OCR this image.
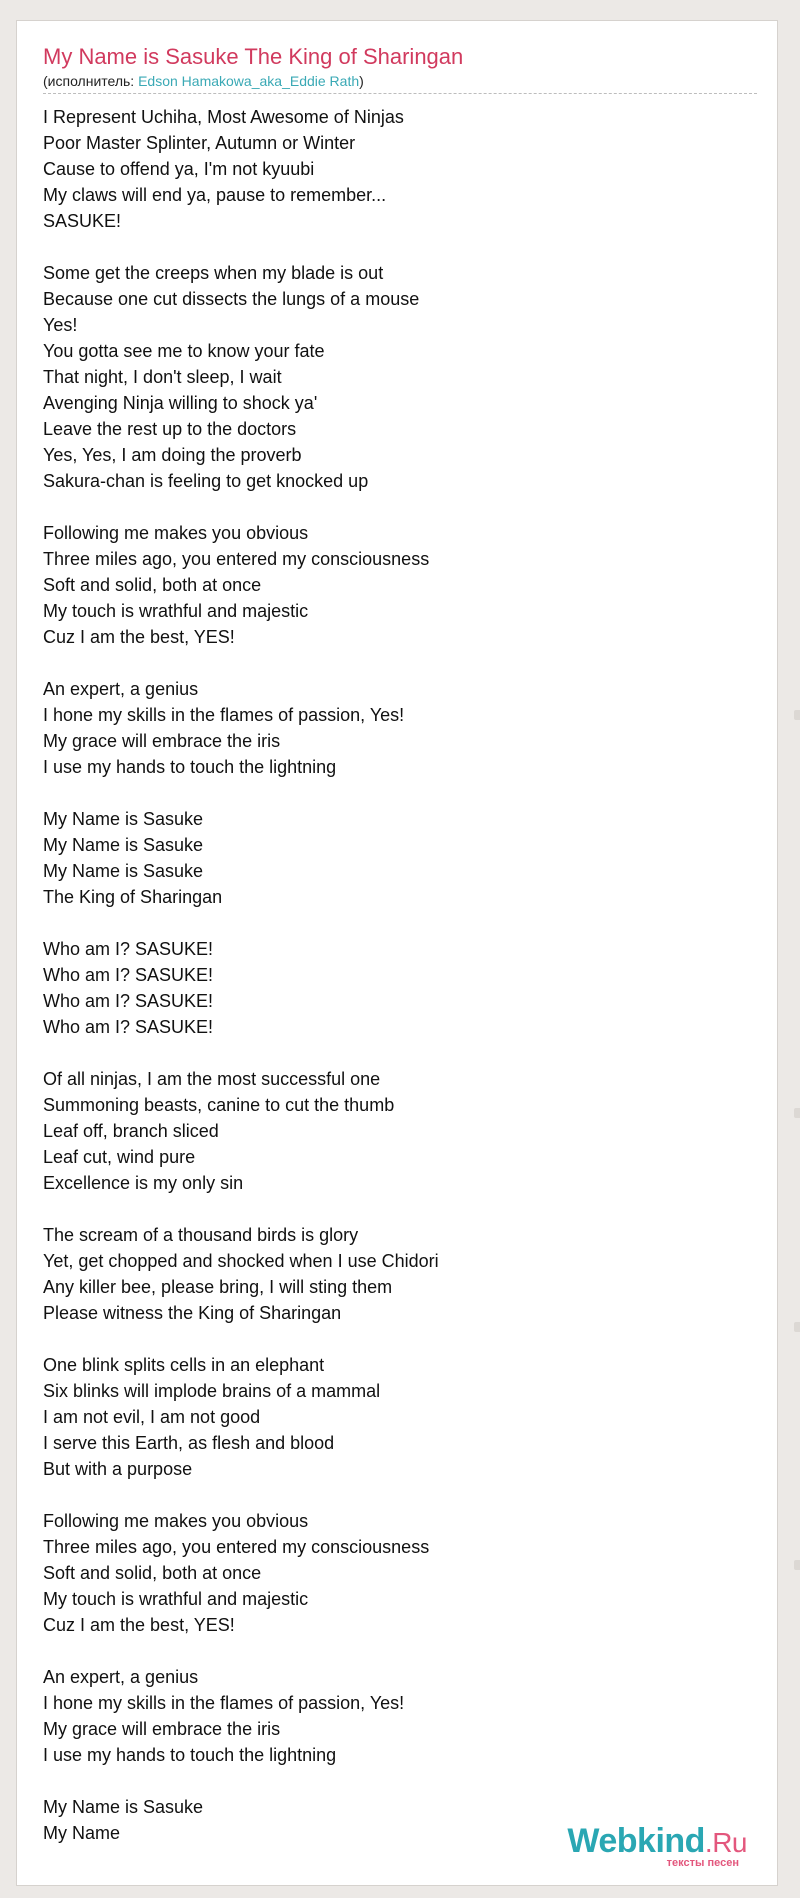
My Name is Sasuke The King of Sharingan
(исполнитель: Edson Hamakowa_aka_Eddie Rath)
I Represent Uchiha, Most Awesome of Ninjas
Poor Master Splinter, Autumn or Winter
Cause to offend ya, I'm not kyuubi
My claws will end ya, pause to remember...
SASUKE!
Some get the creeps when my blade is out
Because one cut dissects the lungs of a mouse
Yes!
You gotta see me to know your fate
That night, I don't sleep, I wait
Avenging Ninja willing to shock ya'
Leave the rest up to the doctors
Yes, Yes, I am doing the proverb
Sakura-chan is feeling to get knocked up
Following me makes you obvious
Three miles ago, you entered my consciousness
Soft and solid, both at once
My touch is wrathful and majestic
Cuz I am the best, YES!
An expert, a genius
I hone my skills in the flames of passion, Yes!
My grace will embrace the iris
I use my hands to touch the lightning
My Name is Sasuke
My Name is Sasuke
My Name is Sasuke
The King of Sharingan
Who am I? SASUKE!
Who am I? SASUKE!
Who am I? SASUKE!
Who am I? SASUKE!
Of all ninjas, I am the most successful one
Summoning beasts, canine to cut the thumb
Leaf off, branch sliced
Leaf cut, wind pure
Excellence is my only sin
The scream of a thousand birds is glory
Yet, get chopped and shocked when I use Chidori
Any killer bee, please bring, I will sting them
Please witness the King of Sharingan
One blink splits cells in an elephant
Six blinks will implode brains of a mammal
I am not evil, I am not good
I serve this Earth, as flesh and blood
But with a purpose
Following me makes you obvious
Three miles ago, you entered my consciousness
Soft and solid, both at once
My touch is wrathful and majestic
Cuz I am the best, YES!
An expert, a genius
I hone my skills in the flames of passion, Yes!
My grace will embrace the iris
I use my hands to touch the lightning
My Name is Sasuke
My Name	Webkind.Ru
тексты песен
